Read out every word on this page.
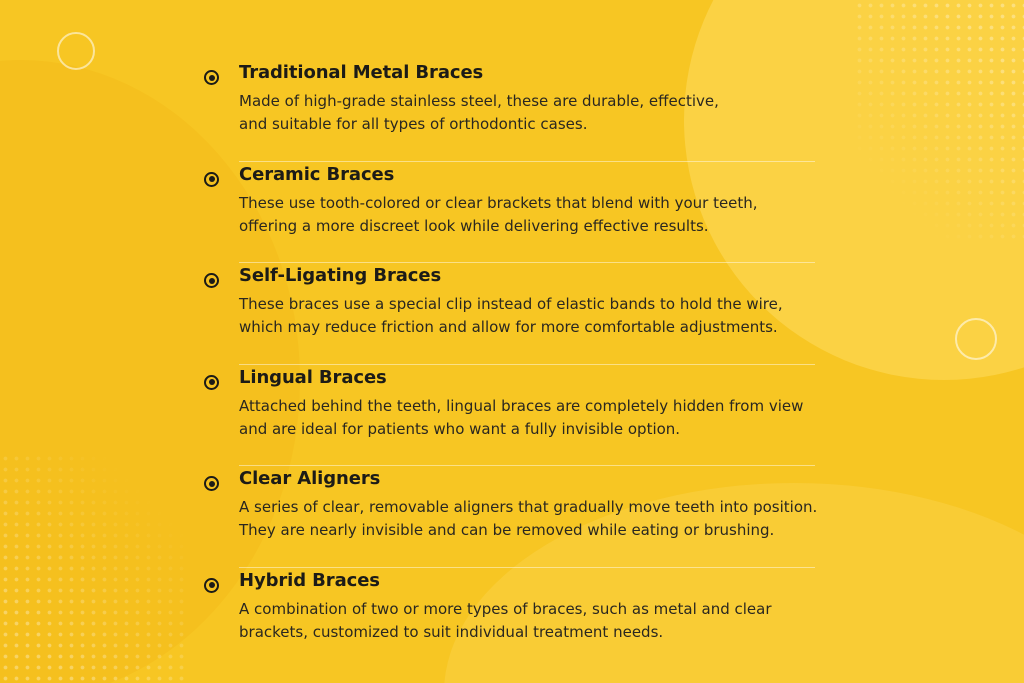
Traditional Metal Braces

Made of high-grade stainless steel, these are durable, effective,
and suitable for all types of orthodontic cases.

Ceramic Braces

These use tooth-colored or clear brackets that blend with your teeth,
offering a more discreet look while delivering effective results.

Self-Ligating Braces

These braces use a special clip instead of elastic bands to hold the wire,
which may reduce friction and allow for more comfortable adjustments.

Lingual Braces

Attached behind the teeth, lingual braces are completely hidden from view
and are ideal for patients who want a fully invisible option.

Clear Aligners

A series of clear, removable aligners that gradually move teeth into position.
They are nearly invisible and can be removed while eating or brushing.

Hybrid Braces

A combination of two or more types of braces, such as metal and clear
brackets, customized to suit individual treatment needs.
